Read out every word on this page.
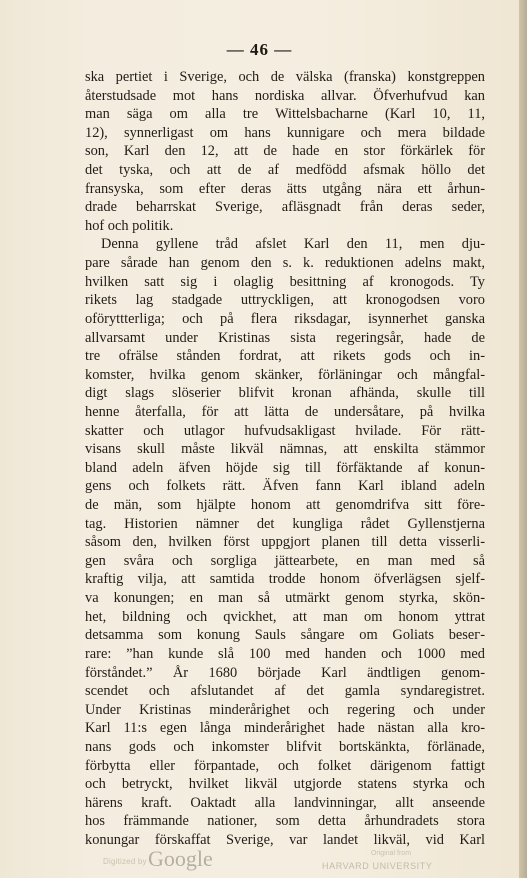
— 46 —
ska pertiet i Sverige, och de välska (franska) konstgreppen
återstudsade mot hans nordiska allvar. Öfverhufvud kan
man säga om alla tre Wittelsbacharne (Karl 10, 11,
12), synnerligast om hans kunnigare och mera bildade
son, Karl den 12, att de hade en stor förkärlek för
det tyska, och att de af medfödd afsmak höllo det
fransyska, som efter deras ätts utgång nära ett århun-
drade beharrskat Sverige, afläsgnadt från deras seder,
hof och politik.
Denna gyllene tråd afslet Karl den 11, men dju-
pare sårade han genom den s. k. reduktionen adelns makt,
hvilken satt sig i olaglig besittning af kronogods. Ty
rikets lag stadgade uttryckligen, att kronogodsen voro
oföryttterliga; och på flera riksdagar, isynnerhet ganska
allvarsamt under Kristinas sista regeringsår, hade de
tre ofrälse stånden fordrat, att rikets gods och in-
komster, hvilka genom skänker, förläningar och mångfal-
digt slags slöserier blifvit kronan afhända, skulle till
henne återfalla, för att lätta de undersåtare, på hvilka
skatter och utlagor hufvudsakligast hvilade. För rätt-
visans skull måste likväl nämnas, att enskilta stämmor
bland adeln äfven höjde sig till förfäktande af konun-
gens och folkets rätt. Äfven fann Karl ibland adeln
de män, som hjälpte honom att genomdrifva sitt före-
tag. Historien nämner det kungliga rådet Gyllenstjerna
såsom den, hvilken först uppgjort planen till detta visserli-
gen svåra och sorgliga jättearbete, en man med så
kraftig vilja, att samtida trodde honom öfverlägsen sjelf-
va konungen; en man så utmärkt genom styrka, skön-
het, bildning och qvickhet, att man om honom yttrat
detsamma som konung Sauls sångare om Goliats besег-
rare: ”han kunde slå 100 med handen och 1000 med
förståndet.” År 1680 började Karl ändtligen genom-
scendet och afslutandet af det gamla syndaregistret.
Under Kristinas minderårighet och regering och under
Karl 11:s egen långa minderårighet hade nästan alla kro-
nans gods och inkomster blifvit bortskänkta, förlänade,
förbytta eller förpantade, och folket därigenom fattigt
och betryckt, hvilket likväl utgjorde statens styrka och
härens kraft. Oaktadt alla landvinningar, allt anseende
hos främmande nationer, som detta århundradets stora
konungar förskaffat Sverige, var landet likväl, vid Karl
Digitized by Google	Original from
HARVARD UNIVERSITY
